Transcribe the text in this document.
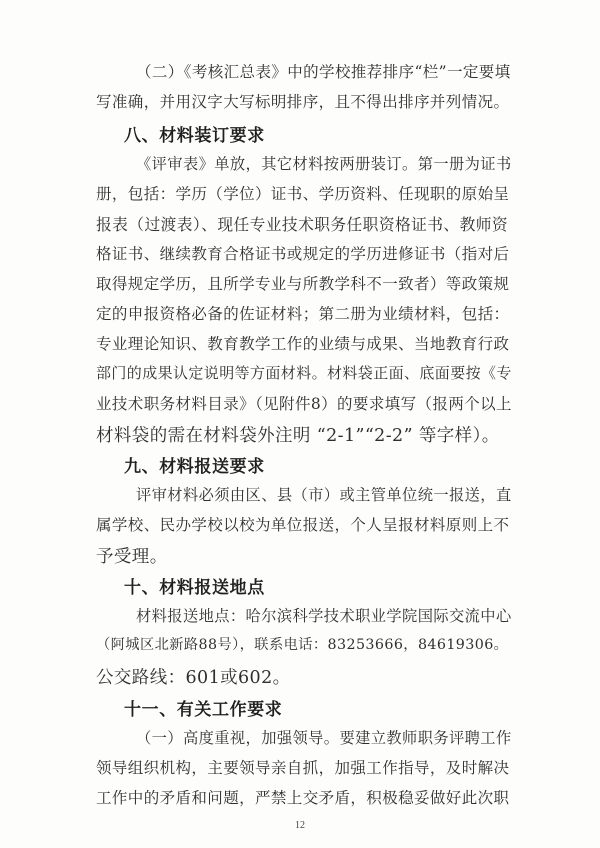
（二）《考核汇总表》中的学校推荐排序“栏”一定要填
写准确，并用汉字大写标明排序，且不得出排序并列情况。
八、材料装订要求
《评审表》单放，其它材料按两册装订。第一册为证书
册，包括：学历（学位）证书、学历资料、任现职的原始呈
报表（过渡表）、现任专业技术职务任职资格证书、教师资
格证书、继续教育合格证书或规定的学历进修证书（指对后
取得规定学历，且所学专业与所教学科不一致者）等政策规
定的申报资格必备的佐证材料；第二册为业绩材料，包括：
专业理论知识、教育教学工作的业绩与成果、当地教育行政
部门的成果认定说明等方面材料。材料袋正面、底面要按《专
业技术职务材料目录》（见附件8）的要求填写（报两个以上
材料袋的需在材料袋外注明 “2-1”“2-2” 等字样）。
九、材料报送要求
评审材料必须由区、县（市）或主管单位统一报送，直
属学校、民办学校以校为单位报送，个人呈报材料原则上不
予受理。
十、材料报送地点
材料报送地点：哈尔滨科学技术职业学院国际交流中心
（阿城区北新路88号），联系电话：83253666，84619306。
公交路线：601或602。
十一、有关工作要求
（一）高度重视，加强领导。要建立教师职务评聘工作
领导组织机构，主要领导亲自抓，加强工作指导，及时解决
工作中的矛盾和问题，严禁上交矛盾，积极稳妥做好此次职
12
